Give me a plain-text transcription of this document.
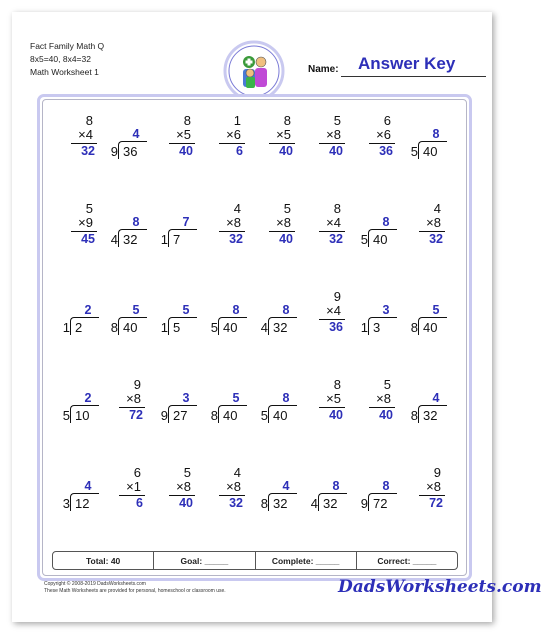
Fact Family Math Q
8x5=40, 8x4=32
Math Worksheet 1	Name: Answer Key
8
×4
32
4
9 36
8
×5
40
1
×6
6
8
×5
40
5
×8
40
6
×6
36
8
5 40
5
×9
45
8
4 32
7
1 7
4
×8
32
5
×8
40
8
×4
32
8
5 40
4
×8
32
2
1 2
5
8 40
5
1 5
8
5 40
8
4 32
9
×4
36
3
1 3
5
8 40
2
5 10
9
×8
72
3
9 27
5
8 40
8
5 40
8
×5
40
5
×8
40
4
8 32
4
3 12
6
×1
6
5
×8
40
4
×8
32
4
8 32
8
4 32
8
9 72
9
×8
72
Total: 40	Goal: _____	Complete: _____	Correct: _____
Copyright © 2008-2019 DadsWorksheets.com
These Math Worksheets are provided for personal, homeschool or classroom use.	DadsWorksheets.com
